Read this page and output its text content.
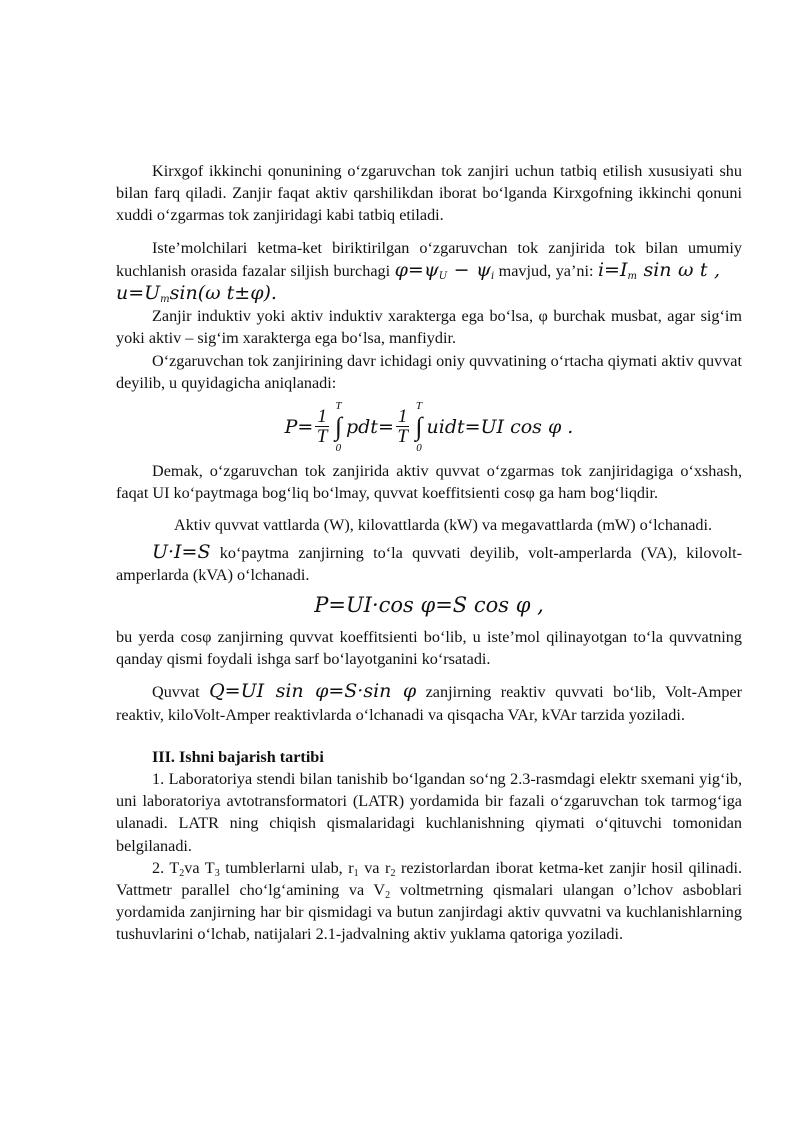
Kirxgof ikkinchi qonunining o‘zgaruvchan tok zanjiri uchun tatbiq etilish xususiyati shu bilan farq qiladi. Zanjir faqat aktiv qarshilikdan iborat bo‘lganda Kirxgofning ikkinchi qonuni xuddi o‘zgarmas tok zanjiridagi kabi tatbiq etiladi.

Iste’molchilari ketma-ket biriktirilgan o‘zgaruvchan tok zanjirida tok bilan umumiy kuchlanish orasida fazalar siljish burchagi $\varphi=\psi_U - \psi_i$ mavjud, ya’ni: $i=I_m$ sin ω t ,      $u=U_m\sin(\omega$ t±φ).

Zanjir induktiv yoki aktiv induktiv xarakterga ega bo‘lsa, φ burchak musbat, agar sig‘im yoki aktiv – sig‘im xarakterga ega bo‘lsa, manfiydir.

O‘zgaruvchan tok zanjirining davr ichidagi oniy quvvatining o‘rtacha qiymati aktiv quvvat deyilib, u quyidagicha aniqlanadi:

$P= \frac{1}{T}$
T
∫
0
$pdt= \frac{1}{T}$
T
∫
0
uidt=UI cos φ .

Demak, o‘zgaruvchan tok zanjirida aktiv quvvat o‘zgarmas tok zanjiridagiga o‘xshash, faqat UI ko‘paytmaga bog‘liq bo‘lmay, quvvat koeffitsienti cosφ ga ham bog‘liqdir.

Aktiv quvvat vattlarda (W), kilovattlarda (kW) va megavattlarda (mW) o‘lchanadi.

U·I=S ko‘paytma zanjirning to‘la quvvati deyilib, volt-amperlarda (VA), kilovolt-amperlarda (kVA) o‘lchanadi.

P=UI·cos φ=S cos φ ,

bu yerda cosφ zanjirning quvvat koeffitsienti bo‘lib, u iste’mol qilinayotgan to‘la quvvatning qanday qismi foydali ishga sarf bo‘layotganini ko‘rsatadi.

Quvvat Q=UI sin φ=S·sin φ zanjirning reaktiv quvvati bo‘lib, Volt-Amper reaktiv, kiloVolt-Amper reaktivlarda o‘lchanadi va qisqacha VAr, kVAr tarzida yoziladi.

III. Ishni bajarish tartibi

1. Laboratoriya stendi bilan tanishib bo‘lgandan so‘ng 2.3-rasmdagi elektr sxemani yig‘ib, uni laboratoriya avtotransformatori (LATR) yordamida bir fazali o‘zgaruvchan tok tarmog‘iga ulanadi. LATR ning chiqish qismalaridagi kuchlanishning qiymati o‘qituvchi tomonidan belgilanadi.

2. $T_2va$ $T_3$ tumblerlarni ulab, $r_1$ va $r_2$ rezistorlardan iborat ketma-ket zanjir hosil qilinadi. Vattmetr parallel cho‘lg‘amining va $V_2$ voltmetrning qismalari ulangan o’lchov asboblari yordamida zanjirning har bir qismidagi va butun zanjirdagi aktiv quvvatni va kuchlanishlarning tushuvlarini o‘lchab, natijalari 2.1-jadvalning aktiv yuklama qatoriga yoziladi.
